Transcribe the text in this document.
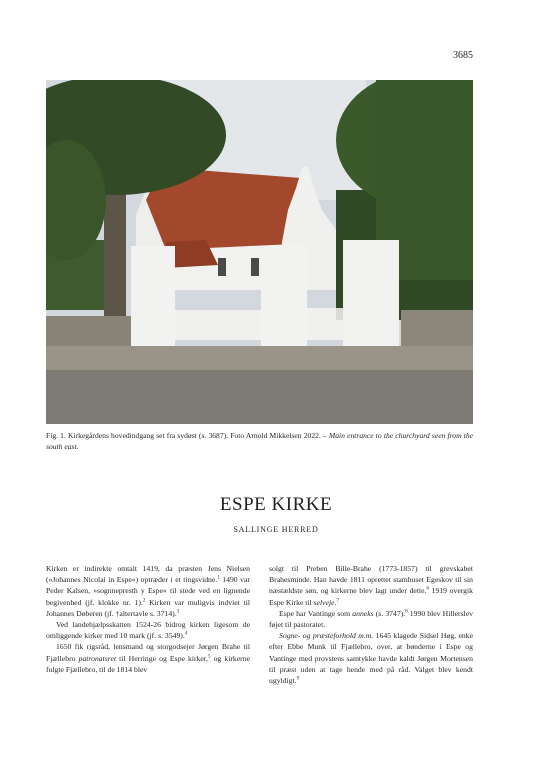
3685
Fig. 1. Kirkegårdens hovedindgang set fra sydøst (s. 3687). Foto Arnold Mikkelsen 2022. – Main entrance to the churchyard seen from the south east.
ESPE KIRKE
SALLINGE HERRED

Kirken er indirekte omtalt 1419, da præsten Jens Nielsen (»Johannes Nicolai in Espe«) optræder i et tingsvidne.$^1$ 1490 var Peder Kalsen, »sognnepresth y Espe« til stede ved en lignende begivenhed (jf. klokke nr. 1).$^2$ Kirken var muligvis indviet til Johannes Døberen (jf. †altertavle s. 3714).$^3$

Ved landehjælpsskatten 1524-26 bidrog kirken ligesom de omliggende kirker med 10 mark (jf. s. 3549).$^4$

1650 fik rigsråd, lensmand og storgodsejer Jørgen Brahe til Fjællebro patronatsret til Herringe og Espe kirker,$^5$ og kirkerne fulgte Fjællebro, til de 1814 blev

solgt til Preben Bille-Brahe (1773-1857) til grevskabet Brahesminde. Han havde 1811 oprettet stamhuset Egeskov til sin næstældste søn, og kirkerne blev lagt under dette.$^6$ 1919 overgik Espe Kirke til selveje.$^7$

Espe har Vantinge som anneks (s. 3747).$^8$ 1990 blev Hillerslev føjet til pastoratet.

Sogne- og præsteforhold m.m. 1645 klagede Sidsel Høg, enke efter Ebbe Munk til Fjællebro, over, at bønderne i Espe og Vantinge med provstens samtykke havde kaldt Jørgen Mortensen til præst uden at tage hende med på råd. Valget blev kendt ugyldigt.$^9$
